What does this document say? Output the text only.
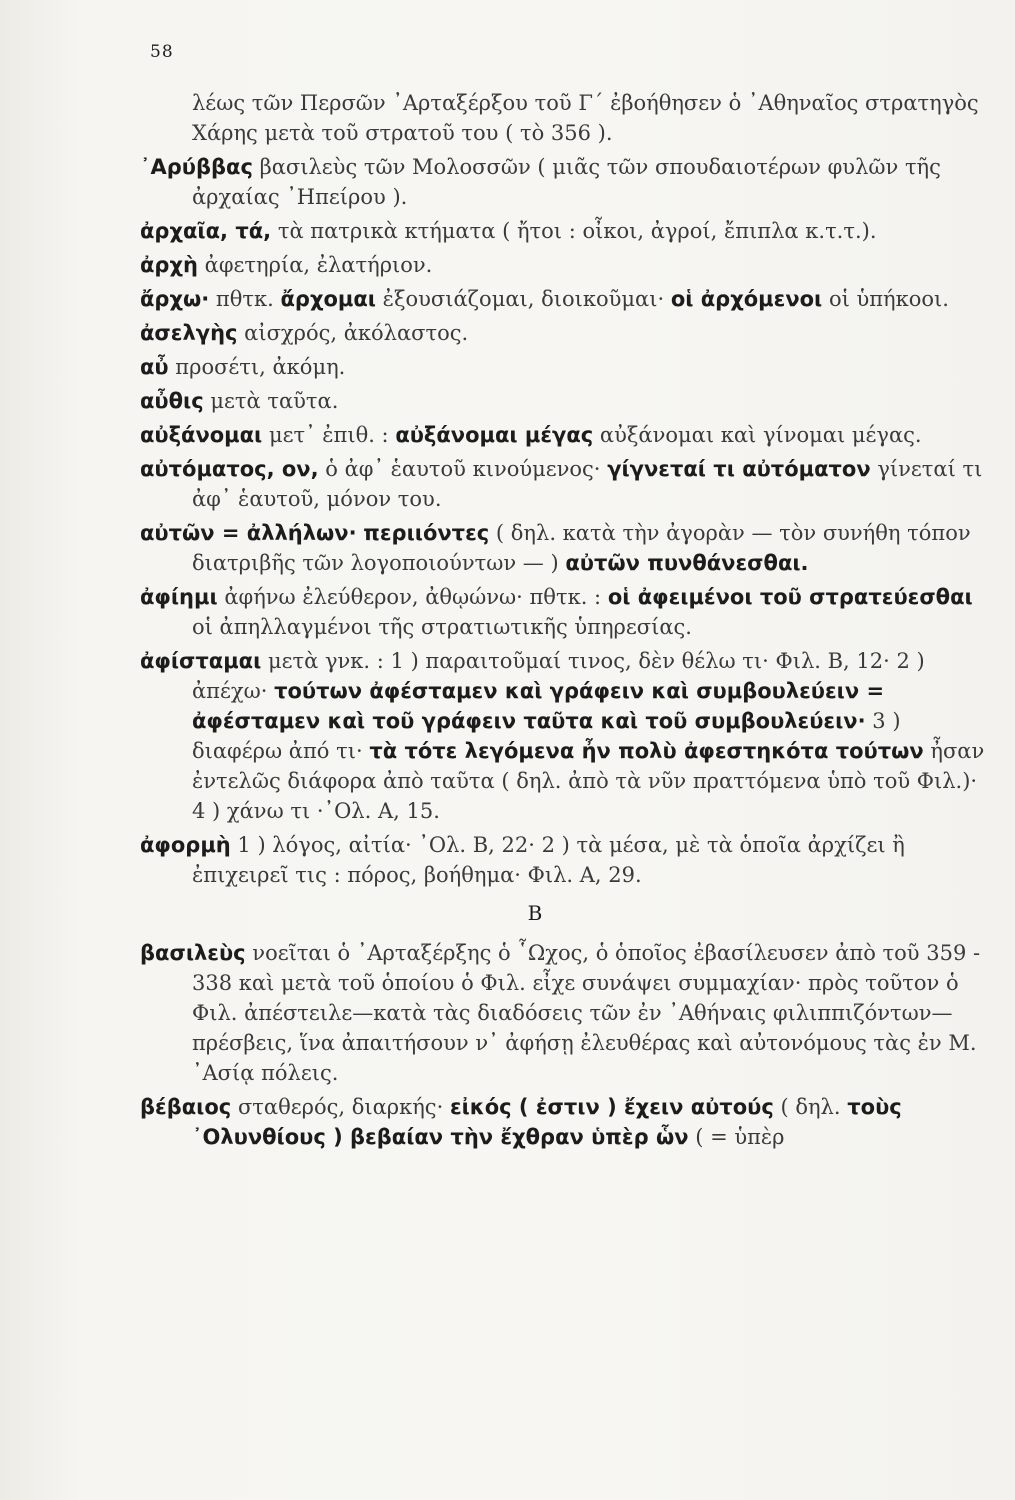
58
λέως τῶν Περσῶν ᾿Αρταξέρξου τοῦ Γ΄ ἐβοήθησεν ὁ ᾿Αθηναῖος στρατηγὸς Χάρης μετὰ τοῦ στρατοῦ του ( τὸ 356 ).
᾿Αρύββας βασιλεὺς τῶν Μολοσσῶν ( μιᾶς τῶν σπουδαιοτέρων φυλῶν τῆς ἀρχαίας ᾿Ηπείρου ).
ἀρχαῖα, τά, τὰ πατρικὰ κτήματα ( ἤτοι : οἶκοι, ἀγροί, ἔπιπλα κ.τ.τ.).
ἀρχὴ ἀφετηρία, ἐλατήριον.
ἄρχω· πθτκ. ἄρχομαι ἐξουσιάζομαι, διοικοῦμαι· οἱ ἀρχόμενοι οἱ ὑπήκοοι.
ἀσελγὴς αἰσχρός, ἀκόλαστος.
αὖ προσέτι, ἀκόμη.
αὖθις μετὰ ταῦτα.
αὐξάνομαι μετ᾿ ἐπιθ. : αὐξάνομαι μέγας αὐξάνομαι καὶ γίνομαι μέγας.
αὐτόματος, ον, ὁ ἀφ᾿ ἑαυτοῦ κινούμενος· γίγνεταί τι αὐτόματον γίνεταί τι ἀφ᾿ ἑαυτοῦ, μόνον του.
αὐτῶν = ἀλλήλων· περιιόντες ( δηλ. κατὰ τὴν ἀγορὰν — τὸν συνήθη τόπον διατριβῆς τῶν λογοποιούντων — ) αὐτῶν πυνθάνεσθαι.
ἀφίημι ἀφήνω ἐλεύθερον, ἀθῳώνω· πθτκ. : οἱ ἀφειμένοι τοῦ στρατεύεσθαι οἱ ἀπηλλαγμένοι τῆς στρατιωτικῆς ὑπηρεσίας.
ἀφίσταμαι μετὰ γνκ. : 1 ) παραιτοῦμαί τινος, δὲν θέλω τι· Φιλ. Β, 12· 2 ) ἀπέχω· τούτων ἀφέσταμεν καὶ γράφειν καὶ συμβουλεύειν = ἀφέσταμεν καὶ τοῦ γράφειν ταῦτα καὶ τοῦ συμβουλεύειν· 3 ) διαφέρω ἀπό τι· τὰ τότε λεγόμενα ἦν πολὺ ἀφεστηκότα τούτων ἦσαν ἐντελῶς διάφορα ἀπὸ ταῦτα ( δηλ. ἀπὸ τὰ νῦν πραττόμενα ὑπὸ τοῦ Φιλ.)· 4 ) χάνω τι ·᾿Ολ. Α, 15.
ἀφορμὴ 1 ) λόγος, αἰτία· ᾿Ολ. Β, 22· 2 ) τὰ μέσα, μὲ τὰ ὁποῖα ἀρχίζει ἢ ἐπιχειρεῖ τις : πόρος, βοήθημα· Φιλ. Α, 29.
Β
βασιλεὺς νοεῖται ὁ ᾿Αρταξέρξης ὁ ῟Ωχος, ὁ ὁποῖος ἐβασίλευσεν ἀπὸ τοῦ 359 - 338 καὶ μετὰ τοῦ ὁποίου ὁ Φιλ. εἶχε συνάψει συμμαχίαν· πρὸς τοῦτον ὁ Φιλ. ἀπέστειλε—κατὰ τὰς διαδόσεις τῶν ἐν ᾿Αθήναις φιλιππιζόντων—πρέσβεις, ἵνα ἀπαιτήσουν ν᾿ ἀφήσῃ ἐλευθέρας καὶ αὐτονόμους τὰς ἐν Μ. ᾿Ασίᾳ πόλεις.
βέβαιος σταθερός, διαρκής· εἰκός ( ἐστιν ) ἔχειν αὐτούς ( δηλ. τοὺς ᾿Ολυνθίους ) βεβαίαν τὴν ἔχθραν ὑπὲρ ὧν ( = ὑπὲρ
